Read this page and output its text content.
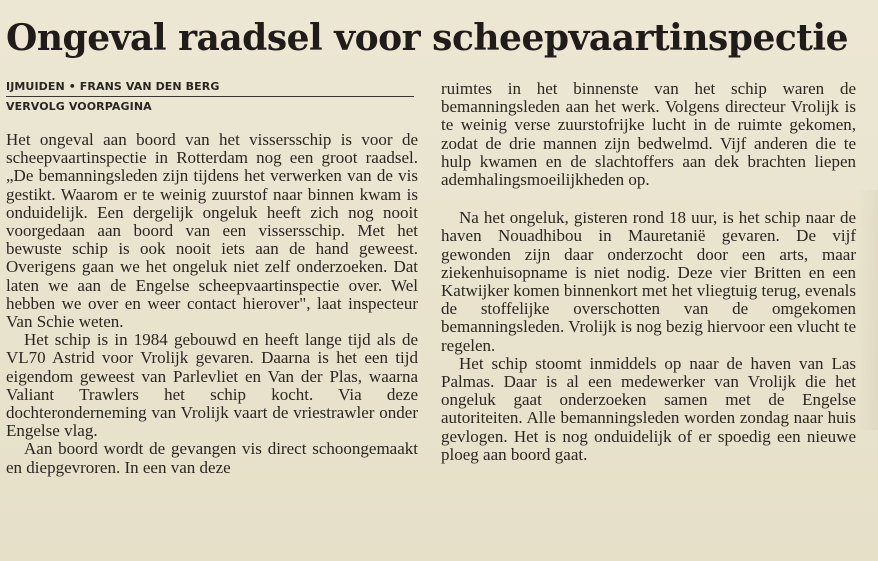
Ongeval raadsel voor scheepvaartinspectie
IJMUIDEN • FRANS VAN DEN BERG
VERVOLG VOORPAGINA

Het ongeval aan boord van het vissersschip is voor de scheepvaartinspectie in Rotterdam nog een groot raadsel. „De bemanningsleden zijn tijdens het verwerken van de vis gestikt. Waarom er te weinig zuurstof naar binnen kwam is onduidelijk. Een dergelijk ongeluk heeft zich nog nooit voorgedaan aan boord van een vissersschip. Met het bewuste schip is ook nooit iets aan de hand geweest. Overigens gaan we het ongeluk niet zelf onderzoeken. Dat laten we aan de Engelse scheepvaartinspectie over. Wel hebben we over en weer contact hierover", laat inspecteur Van Schie weten.

Het schip is in 1984 gebouwd en heeft lange tijd als de VL70 Astrid voor Vrolijk gevaren. Daarna is het een tijd eigendom geweest van Parlevliet en Van der Plas, waarna Valiant Trawlers het schip kocht. Via deze dochteronderneming van Vrolijk vaart de vriestrawler onder Engelse vlag.

Aan boord wordt de gevangen vis direct schoongemaakt en diepgevroren. In een van deze

ruimtes in het binnenste van het schip waren de bemanningsleden aan het werk. Volgens directeur Vrolijk is te weinig verse zuurstofrijke lucht in de ruimte gekomen, zodat de drie mannen zijn bedwelmd. Vijf anderen die te hulp kwamen en de slachtoffers aan dek brachten liepen ademhalingsmoeilijkheden op.

Na het ongeluk, gisteren rond 18 uur, is het schip naar de haven Nouadhibou in Mauretanië gevaren. De vijf gewonden zijn daar onderzocht door een arts, maar ziekenhuisopname is niet nodig. Deze vier Britten en een Katwijker komen binnenkort met het vliegtuig terug, evenals de stoffelijke overschotten van de omgekomen bemanningsleden. Vrolijk is nog bezig hiervoor een vlucht te regelen.

Het schip stoomt inmiddels op naar de haven van Las Palmas. Daar is al een medewerker van Vrolijk die het ongeluk gaat onderzoeken samen met de Engelse autoriteiten. Alle bemanningsleden worden zondag naar huis gevlogen. Het is nog onduidelijk of er spoedig een nieuwe ploeg aan boord gaat.
